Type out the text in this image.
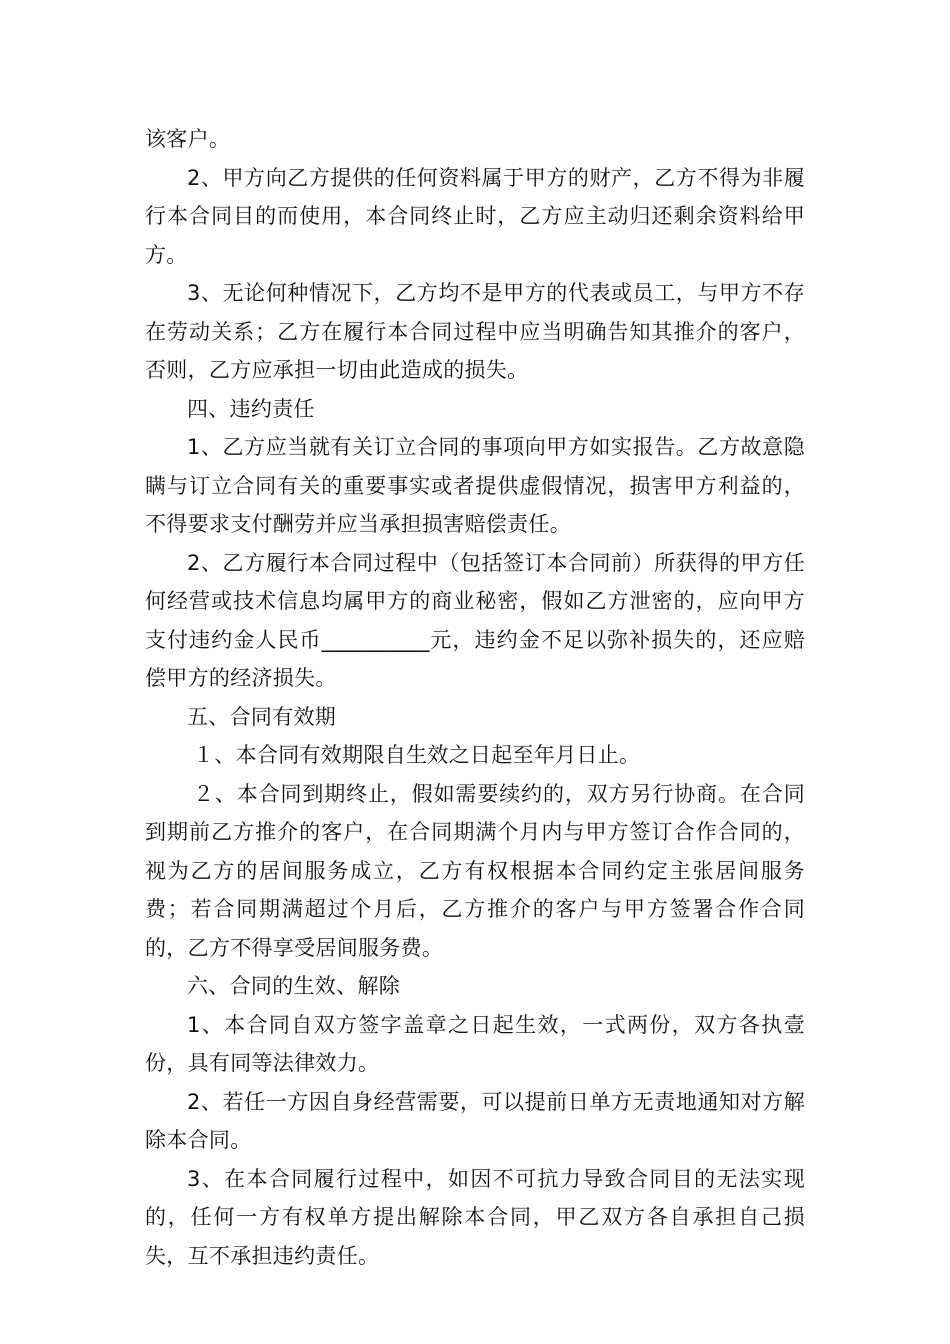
该客户。

2、甲方向乙方提供的任何资料属于甲方的财产，乙方不得为非履行本合同目的而使用，本合同终止时，乙方应主动归还剩余资料给甲方。

3、无论何种情况下，乙方均不是甲方的代表或员工，与甲方不存在劳动关系；乙方在履行本合同过程中应当明确告知其推介的客户，否则，乙方应承担一切由此造成的损失。

四、违约责任

1、乙方应当就有关订立合同的事项向甲方如实报告。乙方故意隐瞒与订立合同有关的重要事实或者提供虚假情况，损害甲方利益的，不得要求支付酬劳并应当承担损害赔偿责任。

2、乙方履行本合同过程中（包括签订本合同前）所获得的甲方任何经营或技术信息均属甲方的商业秘密，假如乙方泄密的，应向甲方支付违约金人民币__________元，违约金不足以弥补损失的，还应赔偿甲方的经济损失。

五、合同有效期

１、本合同有效期限自生效之日起至年月日止。

２、本合同到期终止，假如需要续约的，双方另行协商。在合同到期前乙方推介的客户，在合同期满个月内与甲方签订合作合同的，视为乙方的居间服务成立，乙方有权根据本合同约定主张居间服务费；若合同期满超过个月后，乙方推介的客户与甲方签署合作合同的，乙方不得享受居间服务费。

六、合同的生效、解除

1、本合同自双方签字盖章之日起生效，一式两份，双方各执壹份，具有同等法律效力。

2、若任一方因自身经营需要，可以提前日单方无责地通知对方解除本合同。

3、在本合同履行过程中，如因不可抗力导致合同目的无法实现的，任何一方有权单方提出解除本合同，甲乙双方各自承担自己损失，互不承担违约责任。
